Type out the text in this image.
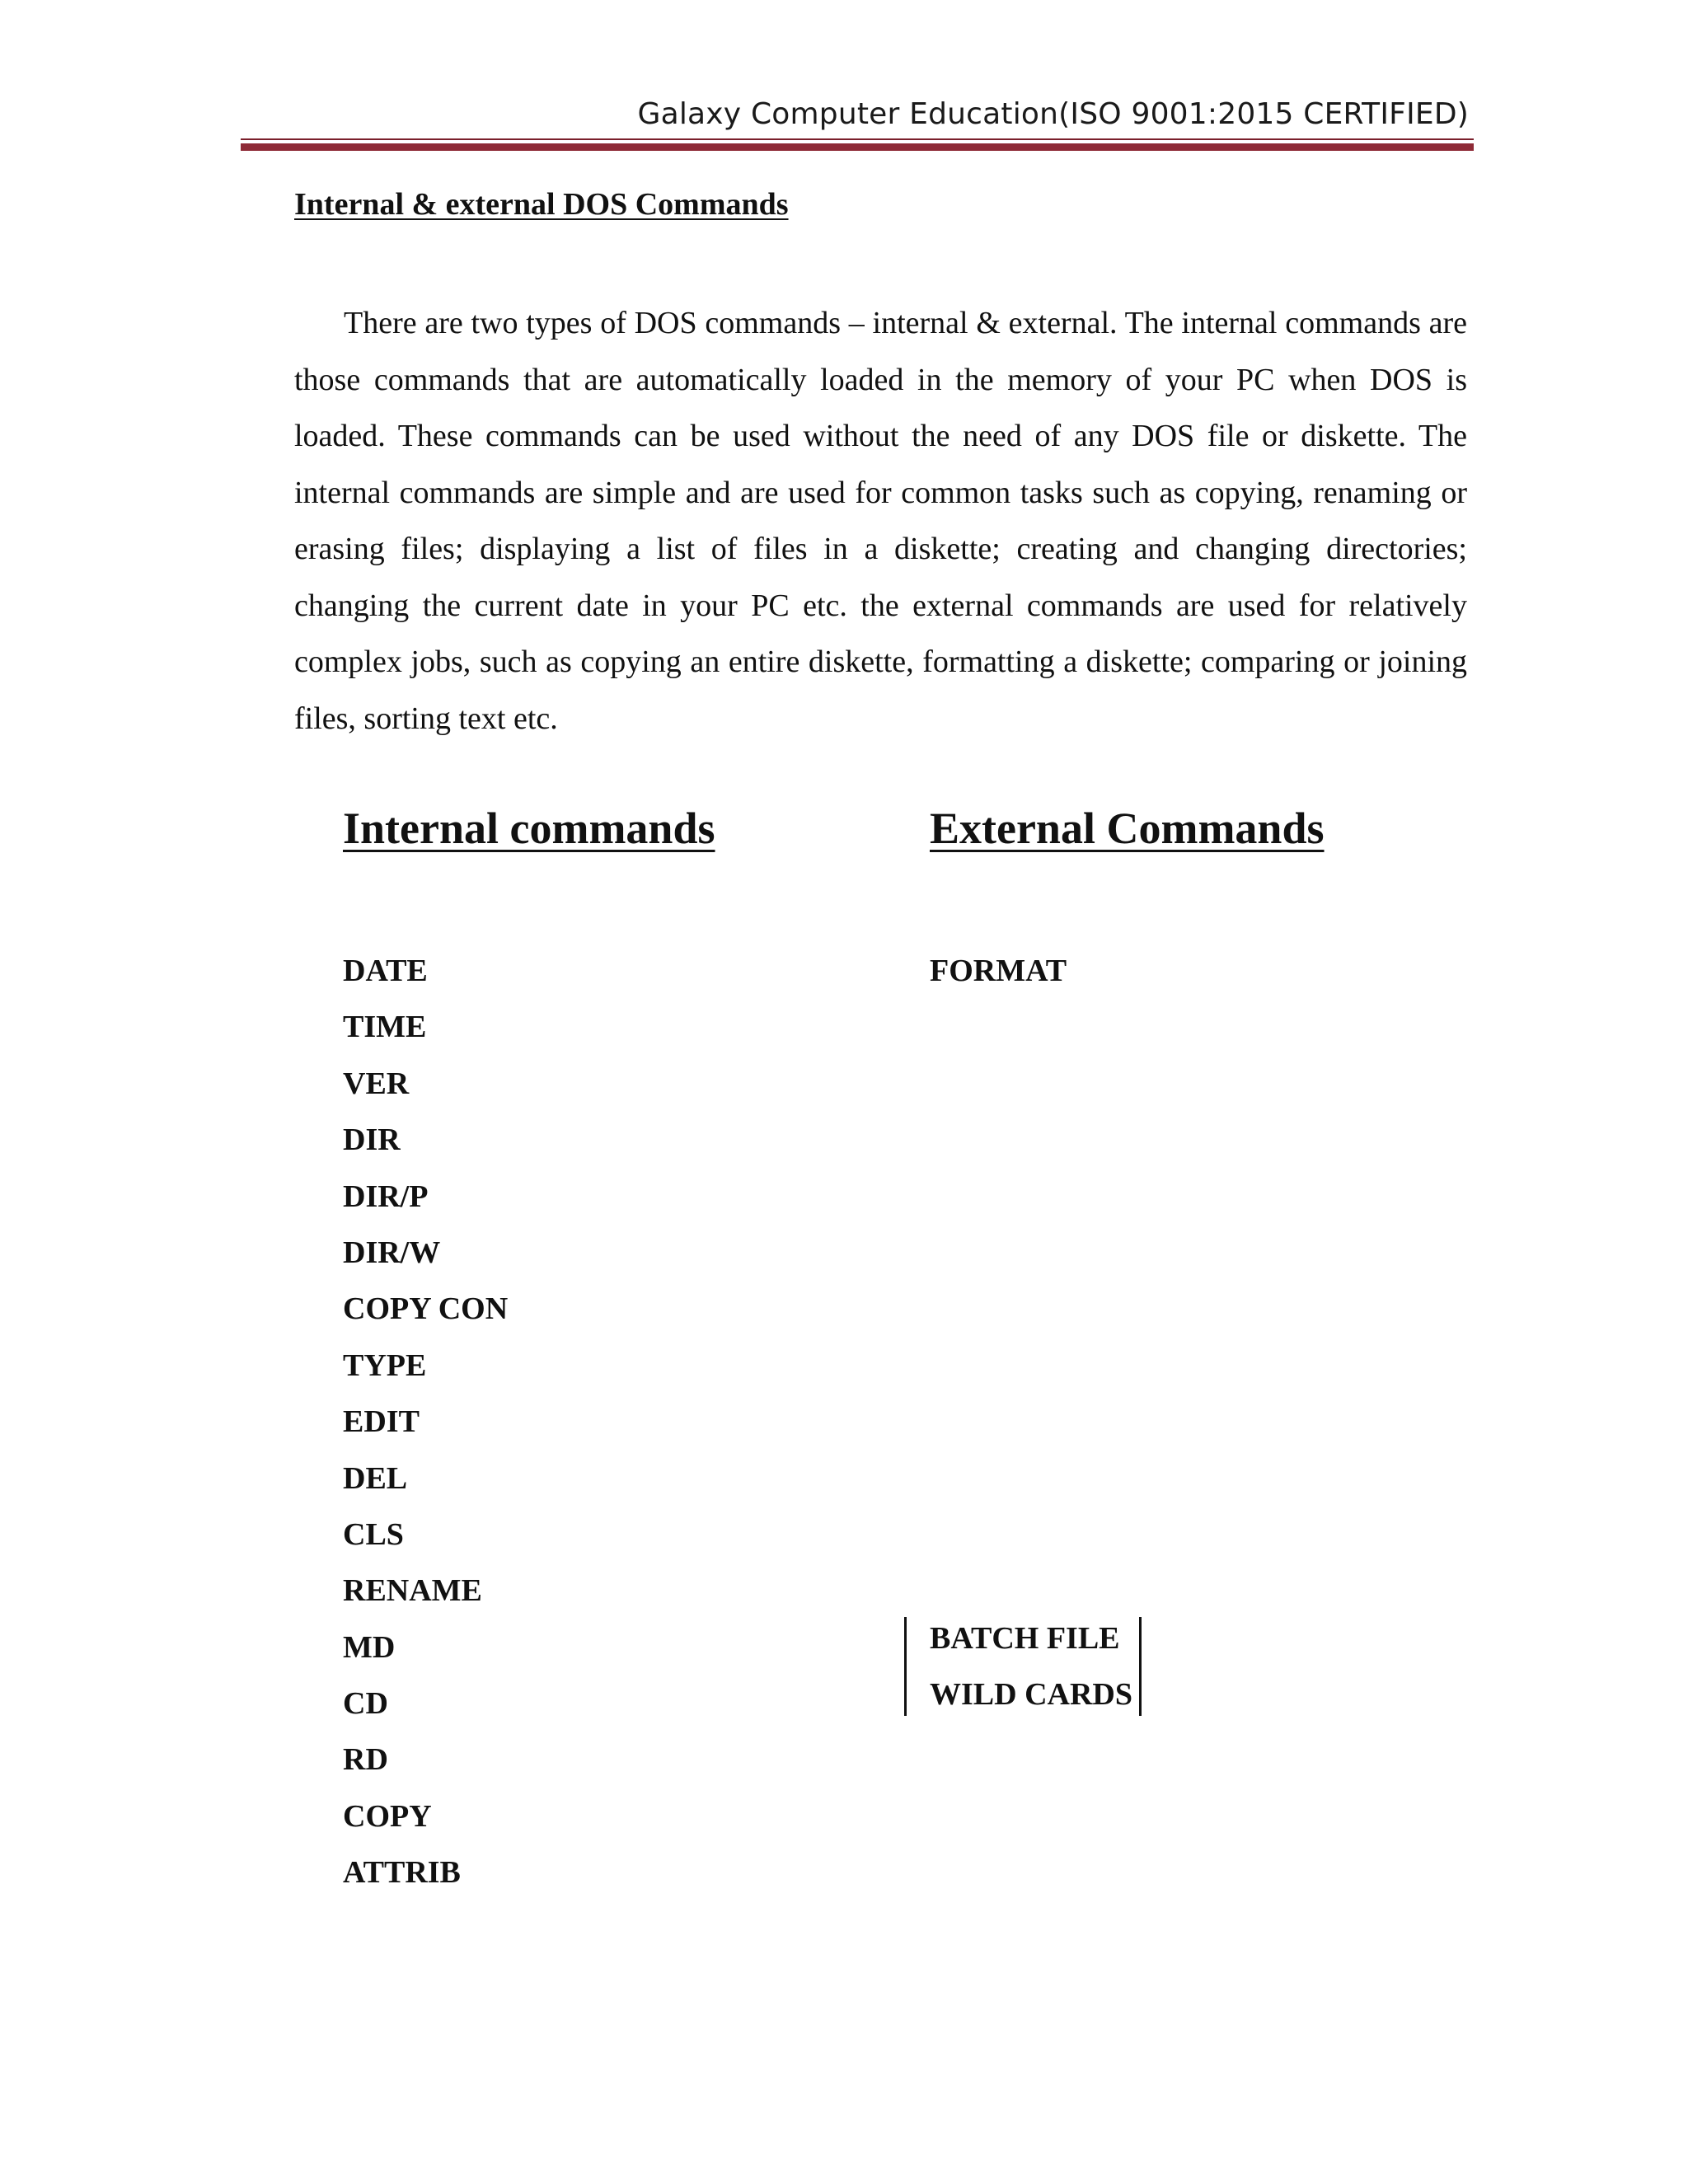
Galaxy Computer Education(ISO 9001:2015 CERTIFIED)
Internal & external DOS Commands

There are two types of DOS commands – internal & external. The internal commands are those commands that are automatically loaded in the memory of your PC when DOS is loaded. These commands can be used without the need of any DOS file or diskette. The internal commands are simple and are used for common tasks such as copying, renaming or erasing files; displaying a list of files in a diskette; creating and changing directories; changing the current date in your PC etc. the external commands are used for relatively complex jobs, such as copying an entire diskette, formatting a diskette; comparing or joining files, sorting text etc.

Internal commands	External Commands
DATE
TIME
VER
DIR
DIR/P
DIR/W
COPY CON
TYPE
EDIT
DEL
CLS
RENAME
MD
CD
RD
COPY
ATTRIB
FORMAT
BATCH FILE
WILD CARDS
